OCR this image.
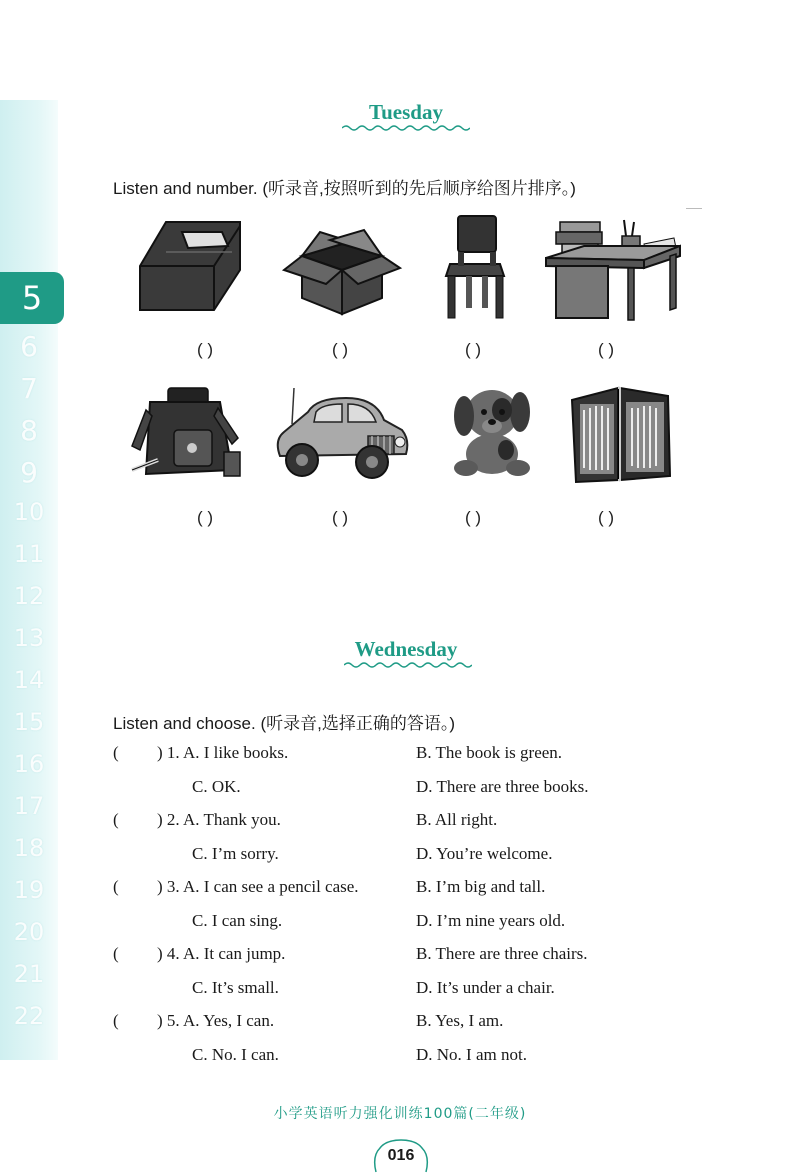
6
7
8
9
10
11
12
13
14
15
16
17
18
19
20
21
22
5
Tuesday
Listen and number. (听录音,按照听到的先后顺序给图片排序。)
( )	( )	( )	( )
( )	( )	( )	( )
Wednesday
Listen and choose. (听录音,选择正确的答语。)
( ) 1. A. I like books.	B. The book is green.
C. OK.	D. There are three books.
( ) 2. A. Thank you.	B. All right.
C. I’m sorry.	D. You’re welcome.
( ) 3. A. I can see a pencil case.	B. I’m big and tall.
C. I can sing.	D. I’m nine years old.
( ) 4. A. It can jump.	B. There are three chairs.
C. It’s small.	D. It’s under a chair.
( ) 5. A. Yes, I can.	B. Yes, I am.
C. No. I can.	D. No. I am not.
小学英语听力强化训练100篇(二年级)
016
